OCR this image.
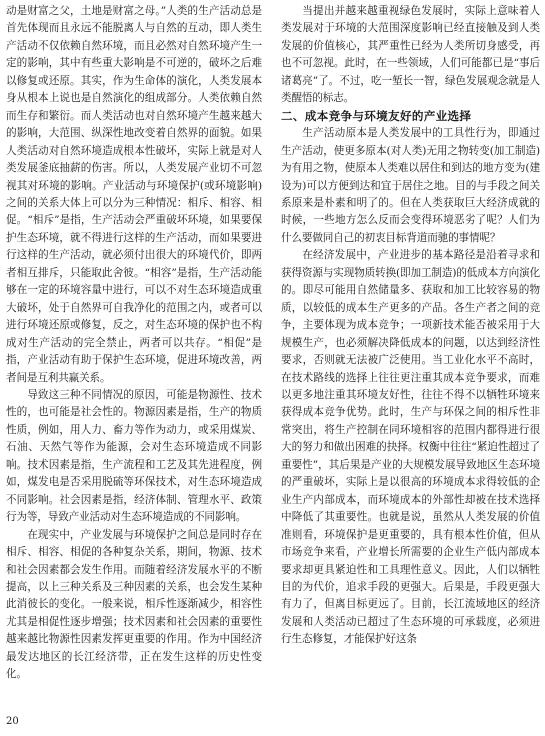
动是财富之父，土地是财富之母。”人类的生产活动总是首先体现而且永远不能脱离人与自然的互动，即人类生产活动不仅依赖自然环境，而且必然对自然环境产生一定的影响，其中有些重大影响是不可逆的，破坏之后难以修复或还原。其实，作为生命体的演化，人类发展本身从根本上说也是自然演化的组成部分。人类依赖自然而生存和繁衍。而人类活动也对自然环境产生越来越大的影响，大范围、纵深性地改变着自然界的面貌。如果人类活动对自然环境造成根本性破坏，实际上就是对人类发展釜底抽薪的伤害。所以，人类发展产业切不可忽视其对环境的影响。产业活动与环境保护(或环境影响)之间的关系大体上可以分为三种情况：相斥、相容、相促。“相斥”是指，生产活动会严重破坏环境，如果要保护生态环境，就不得进行这样的生产活动，而如果要进行这样的生产活动，就必须付出很大的环境代价，即两者相互排斥，只能取此舍彼。“相容”是指，生产活动能够在一定的环境容量中进行，可以不对生态环境造成重大破坏，处于自然界可自我净化的范围之内，或者可以进行环境还原或修复，反之，对生态环境的保护也不构成对生产活动的完全禁止，两者可以共存。“相促”是指，产业活动有助于保护生态环境，促进环境改善，两者间是互利共赢关系。

导致这三种不同情况的原因，可能是物源性、技术性的，也可能是社会性的。物源因素是指，生产的物质性质，例如，用人力、畜力等作为动力，或采用煤炭、石油、天然气等作为能源，会对生态环境造成不同影响。技术因素是指，生产流程和工艺及其先进程度，例如，煤发电是否采用脱硫等环保技术，对生态环境造成不同影响。社会因素是指，经济体制、管理水平、政策行为等，导致产业活动对生态环境造成的不同影响。

在现实中，产业发展与环境保护之间总是同时存在相斥、相容、相促的各种复杂关系，期间，物源、技术和社会因素都会发生作用。而随着经济发展水平的不断提高，以上三种关系及三种因素的关系，也会发生某种此消彼长的变化。一般来说，相斥性逐渐减少，相容性尤其是相促性逐步增强；技术因素和社会因素的重要性越来越比物源性因素发挥更重要的作用。作为中国经济最发达地区的长江经济带，正在发生这样的历史性变化。

当提出并越来越重视绿色发展时，实际上意味着人类发展对于环境的大范围深度影响已经直接触及到人类发展的价值核心，其严重性已经为人类所切身感受，再也不可忽视。此时，在一些领域，人们可能都已是“事后诸葛亮”了。不过，吃一堑长一智，绿色发展观念就是人类醒悟的标志。

二、成本竞争与环境友好的产业选择

生产活动原本是人类发展中的工具性行为，即通过生产活动，使更多原本(对人类)无用之物转变(加工制造)为有用之物，使原本人类难以居住和到达的地方变为(建设为)可以方便到达和宜于居住之地。目的与手段之间关系原来是朴素和明了的。但在人类获取巨大经济成就的时候，一些地方怎么反而会变得环境恶劣了呢？人们为什么要做同自己的初衷目标背道而驰的事情呢？

在经济发展中，产业进步的基本路径是沿着寻求和获得资源与实现物质转换(即加工制造)的低成本方向演化的。即尽可能用自然储量多、获取和加工比较容易的物质，以较低的成本生产更多的产品。各生产者之间的竞争，主要体现为成本竞争；一项新技术能否被采用于大规模生产，也必须解决降低成本的问题，以达到经济性要求，否则就无法被广泛使用。当工业化水平不高时，在技术路线的选择上往往更注重其成本竞争要求，而难以更多地注重其环境友好性，往往不得不以牺牲环境来获得成本竞争优势。此时，生产与环保之间的相斥性非常突出，将生产控制在同环境相容的范围内都得进行很大的努力和做出困难的抉择。权衡中往往“紧迫性超过了重要性”，其后果是产业的大规模发展导致地区生态环境的严重破坏，实际上是以很高的环境成本求得较低的企业生产内部成本，而环境成本的外部性却被在技术选择中降低了其重要性。也就是说，虽然从人类发展的价值准则看，环境保护是更重要的，具有根本性价值，但从市场竞争来看，产业增长所需要的企业生产低内部成本要求却更具紧迫性和工具理性意义。因此，人们以牺牲目的为代价，追求手段的更强大。后果是，手段更强大有力了，但离目标更远了。目前，长江流域地区的经济发展和人类活动已超过了生态环境的可承载度，必须进行生态修复，才能保护好这条

20
